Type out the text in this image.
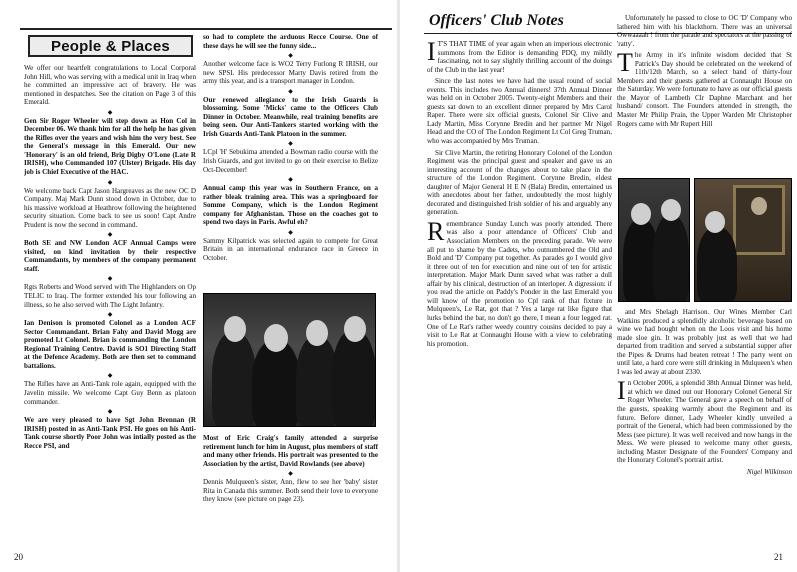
People & Places

We offer our heartfelt congratulations to Local Corporal John Hill, who was serving with a medical unit in Iraq when he committed an impressive act of bravery. He was mentioned in despatches. See the citation on Page 3 of this Emerald.

◆

Gen Sir Roger Wheeler will step down as Hon Col in December 06. We thank him for all the help he has given the Rifles over the years and wish him the very best. See the General's message in this Emerald. Our new 'Honorary' is an old friend, Brig Digby O'Lone (Late R IRISH), who Commanded 107 (Ulster) Brigade. His day job is Chief Executive of the HAC.

◆

We welcome back Capt Jason Hargreaves as the new OC D Company. Maj Mark Dunn stood down in October, due to his massive workload at Heathrow following the heightened security situation. Come back to see us soon! Capt Andre Prudent is now the second in command.

◆

Both SE and NW London ACF Annual Camps were visited, on kind invitation by their respective Commandants, by members of the company permanent staff.

◆

Rgts Roberts and Wood served with The Highlanders on Op TELIC to Iraq. The former extended his tour following an illness, so he also served with The Light Infantry.

◆

Ian Denison is promoted Colonel as a London ACF Sector Commandant. Brian Fahy and David Mogg are promoted Lt Colonel. Brian is commanding the London Regional Training Centre. David is SO1 Directing Staff at the Defence Academy. Both are then set to command battalions.

◆

The Rifles have an Anti-Tank role again, equipped with the Javelin missile. We welcome Capt Guy Benn as platoon commander.

◆

We are very pleased to have Sgt John Brennan (R IRISH) posted in as Anti-Tank PSI. He goes on his Anti-Tank course shortly Poor John was intially posted as the Recce PSI, and

so had to complete the arduous Recce Course. One of these days he will see the funny side...

◆

Another welcome face is WO2 Terry Furlong R IRISH, our new SPSI. His predecessor Marty Davis retired from the army this year, and is a transport manager in London.

◆

Our renewed allegiance to the Irish Guards is blossoming. Some 'Micks' came to the Officers Club Dinner in October. Meanwhile, real training benefits are being seen. Our Anti-Tankers started working with the Irish Guards Anti-Tank Platoon in the summer.

◆

LCpl 'H' Sebukima attended a Bowman radio course with the Irish Guards, and got invited to go on their exercise to Belize Oct-December!

◆

Annual camp this year was in Southern France, on a rather bleak training area. This was a springboard for Somme Company, which is the London Regiment company for Afghanistan. Those on the coaches got to spend two days in Paris. Awful eh?

◆

Sammy Kilpatrick was selected again to compete for Great Britain in an international endurance race in Greece in October.

Most of Eric Craig's family attended a surprise retirement lunch for him in August, plus members of staff and many other friends. His portrait was presented to the Association by the artist, David Rowlands (see above)

◆

Dennis Mulqueen's sister, Ann, flew to see her 'baby' sister Rita in Canada this summer. Both send their love to everyone they know (see picture on page 23).

20
Officers' Club Notes

I T'S THAT TIME of year again when an imperious electronic summons from the Editor is demanding PDQ, my mildly fascinating, not to say slightly thrilling account of the doings of the Club in the last year!

Since the last notes we have had the usual round of social events. This includes two Annual dinners! 37th Annual Dinner was held on in October 2005. Twenty-eight Members and their guests sat down to an excellent dinner prepared by Mrs Carol Raper. There were six official guests, Colonel Sir Clive and Lady Martin, Miss Corynne Bredin and her partner Mr Nigel Head and the CO of The London Regiment Lt Col Greg Truman, who was accompanied by Mrs Truman.

Sir Clive Martin, the retiring Honorary Colonel of the London Regiment was the principal guest and speaker and gave us an interesting account of the changes about to take place in the structure of the London Regiment. Corynne Bredin, eldest daughter of Major General H E N (Bala) Bredin, entertained us with anecdotes about her father, undoubtedly the most highly decorated and distinguished Irish soldier of his and arguably any generation.

Remembrance Sunday Lunch was poorly attended. There was also a poor attendance of Officers' Club and Association Members on the preceding parade. We were all put to shame by the Cadets, who outnumbered the Old and Bold and 'D' Company put together. As parades go I would give it three out of ten for execution and nine out of ten for artistic interpretation. Major Mark Dunn saved what was rather a dull affair by his clinical, destruction of an interloper. A digression: if you read the article on Paddy's Ponder in the last Emerald you will know of the promotion to Cpl rank of that fixture in Mulqueen's, Le Rat, got that ? Yes a large rat like figure that lurks behind the bar, no don't go there, I mean a four legged rat. One of Le Rat's rather weedy country cousins decided to pay a visit to Le Rat at Connaught House with a view to celebrating his promotion.

Unfortunately he passed to close to OC 'D' Company who lathered him with his blackthorn. There was an universal Owwaaaah ! from the parade and spectators at the passing of 'ratty'.

The Army in it's infinite wisdom decided that St Patrick's Day should be celebrated on the weekend of 11th/12th March, so a select band of thirty-four Members and their guests gathered at Connaught House on the Saturday. We were fortunate to have as our official guests the Mayor of Lambeth Clr Daphne Marchant and her husband/ consort. The Founders attended in strength, the Master Mr Philip Prain, the Upper Warden Mr Christopher Rogers came with Mr Rupert Hill

and Mrs Shelagh Harrison. Our Wines Member Carl Watkins produced a splendidly alcoholic beverage based on wine we had bought when on the Loos visit and his home made sloe gin. It was probably just as well that we had departed from tradition and served a substantial supper after the Pipes & Drums had beaten retreat ! The party went on until late, a hard core were still drinking in Mulqueen's when I was led away at about 2330.

In October 2006, a splendid 38th Annual Dinner was held, at which we dined out our Honorary Colonel General Sir Roger Wheeler. The General gave a speech on behalf of the guests, speaking warmly about the Regiment and its future. Before dinner, Lady Wheeler kindly unveiled a portrait of the General, which had been commissioned by the Mess (see picture). It was well received and now hangs in the Mess. We were pleased to welcome many other guests, including Master Designate of the Founders' Company and the Honorary Colonel's portrait artist.

Nigel Wilkinson
21
